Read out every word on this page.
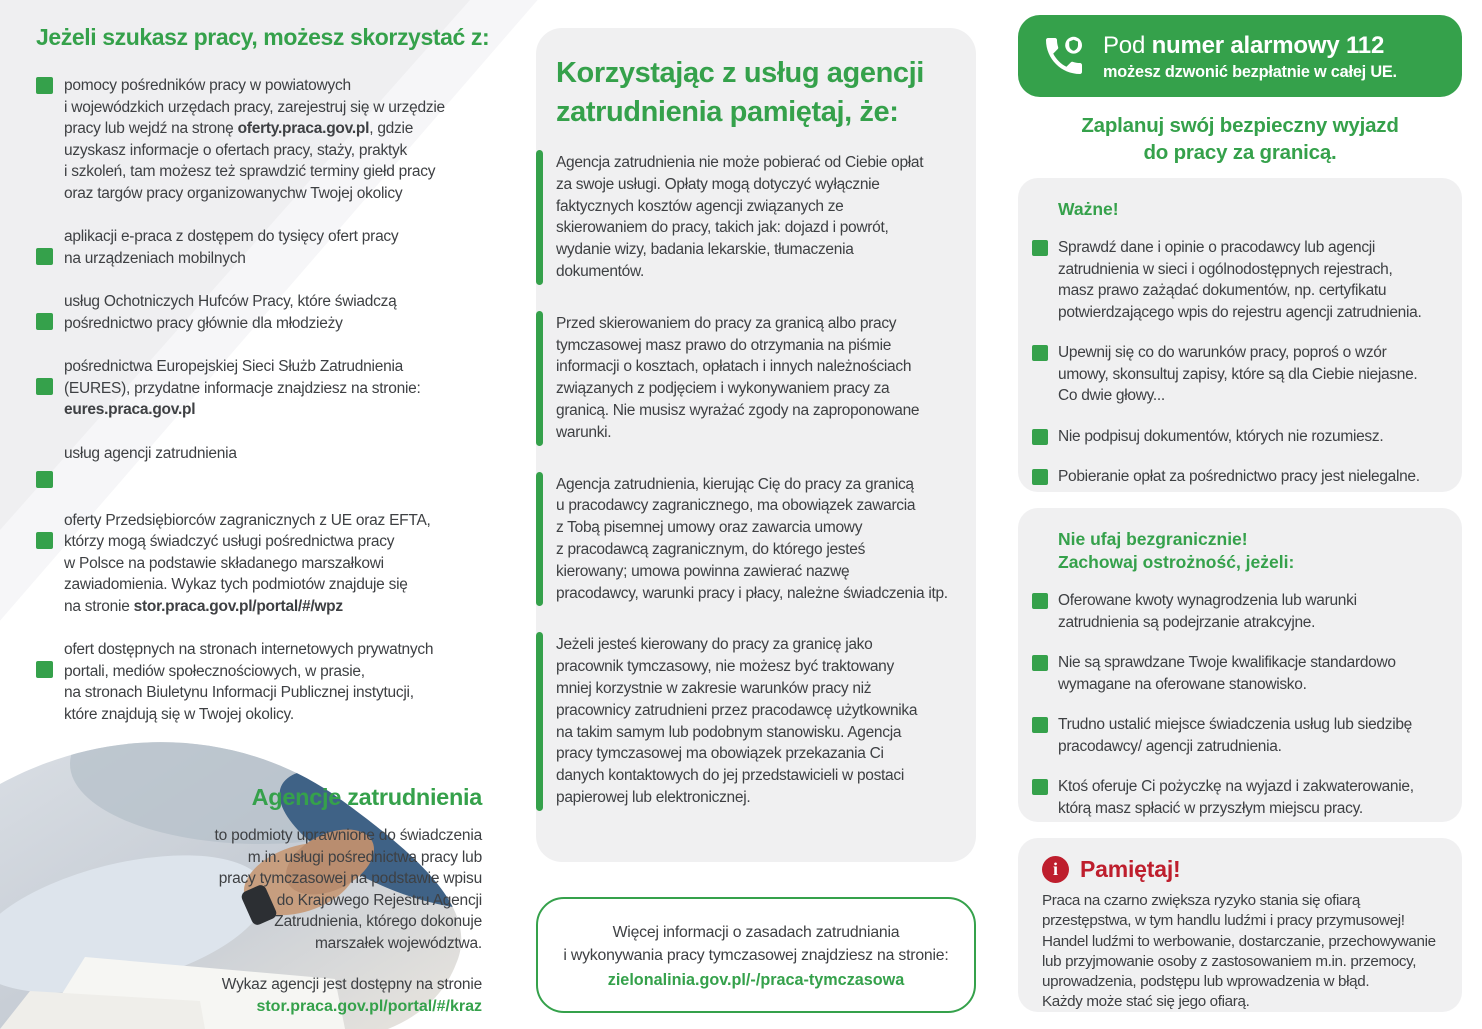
Jeżeli szukasz pracy, możesz skorzystać z:
pomocy pośredników pracy w powiatowych
i wojewódzkich urzędach pracy, zarejestruj się w urzędzie
pracy lub wejdź na stronę oferty.praca.gov.pl, gdzie
uzyskasz informacje o ofertach pracy, staży, praktyk
i szkoleń, tam możesz też sprawdzić terminy giełd pracy
oraz targów pracy organizowanychw Twojej okolicy
aplikacji e-praca z dostępem do tysięcy ofert pracy
na urządzeniach mobilnych
usług Ochotniczych Hufców Pracy, które świadczą
pośrednictwo pracy głównie dla młodzieży
pośrednictwa Europejskiej Sieci Służb Zatrudnienia
(EURES), przydatne informacje znajdziesz na stronie:
eures.praca.gov.pl
usług agencji zatrudnienia
oferty Przedsiębiorców zagranicznych z UE oraz EFTA,
którzy mogą świadczyć usługi pośrednictwa pracy
w Polsce na podstawie składanego marszałkowi
zawiadomienia. Wykaz tych podmiotów znajduje się
na stronie stor.praca.gov.pl/portal/#/wpz
ofert dostępnych na stronach internetowych prywatnych
portali, mediów społecznościowych, w prasie,
na stronach Biuletynu Informacji Publicznej instytucji,
które znajdują się w Twojej okolicy.
Agencje zatrudnienia
to podmioty uprawnione do świadczenia
m.in. usługi pośrednictwa pracy lub
pracy tymczasowej na podstawie wpisu
do Krajowego Rejestru Agencji
Zatrudnienia, którego dokonuje
marszałek województwa.
Wykaz agencji jest dostępny na stronie
stor.praca.gov.pl/portal/#/kraz
Korzystając z usług agencji
zatrudnienia pamiętaj, że:
Agencja zatrudnienia nie może pobierać od Ciebie opłat
za swoje usługi. Opłaty mogą dotyczyć wyłącznie
faktycznych kosztów agencji związanych ze
skierowaniem do pracy, takich jak: dojazd i powrót,
wydanie wizy, badania lekarskie, tłumaczenia
dokumentów.
Przed skierowaniem do pracy za granicą albo pracy
tymczasowej masz prawo do otrzymania na piśmie
informacji o kosztach, opłatach i innych należnościach
związanych z podjęciem i wykonywaniem pracy za
granicą. Nie musisz wyrażać zgody na zaproponowane
warunki.
Agencja zatrudnienia, kierując Cię do pracy za granicą
u pracodawcy zagranicznego, ma obowiązek zawarcia
z Tobą pisemnej umowy oraz zawarcia umowy
z pracodawcą zagranicznym, do którego jesteś
kierowany; umowa powinna zawierać nazwę
pracodawcy, warunki pracy i płacy, należne świadczenia itp.
Jeżeli jesteś kierowany do pracy za granicę jako
pracownik tymczasowy, nie możesz być traktowany
mniej korzystnie w zakresie warunków pracy niż
pracownicy zatrudnieni przez pracodawcę użytkownika
na takim samym lub podobnym stanowisku. Agencja
pracy tymczasowej ma obowiązek przekazania Ci
danych kontaktowych do jej przedstawicieli w postaci
papierowej lub elektronicznej.
Więcej informacji o zasadach zatrudniania
i wykonywania pracy tymczasowej znajdziesz na stronie:
zielonalinia.gov.pl/-/praca-tymczasowa
Pod numer alarmowy 112
możesz dzwonić bezpłatnie w całej UE.
Zaplanuj swój bezpieczny wyjazd
do pracy za granicą.
Ważne!
Sprawdź dane i opinie o pracodawcy lub agencji
zatrudnienia w sieci i ogólnodostępnych rejestrach,
masz prawo zażądać dokumentów, np. certyfikatu
potwierdzającego wpis do rejestru agencji zatrudnienia.
Upewnij się co do warunków pracy, poproś o wzór
umowy, skonsultuj zapisy, które są dla Ciebie niejasne.
Co dwie głowy...
Nie podpisuj dokumentów, których nie rozumiesz.
Pobieranie opłat za pośrednictwo pracy jest nielegalne.
Nie ufaj bezgranicznie!
Zachowaj ostrożność, jeżeli:
Oferowane kwoty wynagrodzenia lub warunki
zatrudnienia są podejrzanie atrakcyjne.
Nie są sprawdzane Twoje kwalifikacje standardowo
wymagane na oferowane stanowisko.
Trudno ustalić miejsce świadczenia usług lub siedzibę
pracodawcy/ agencji zatrudnienia.
Ktoś oferuje Ci pożyczkę na wyjazd i zakwaterowanie,
którą masz spłacić w przyszłym miejscu pracy.
i Pamiętaj!
Praca na czarno zwiększa ryzyko stania się ofiarą
przestępstwa, w tym handlu ludźmi i pracy przymusowej!
Handel ludźmi to werbowanie, dostarczanie, przechowywanie
lub przyjmowanie osoby z zastosowaniem m.in. przemocy,
uprowadzenia, podstępu lub wprowadzenia w błąd.
Każdy może stać się jego ofiarą.
